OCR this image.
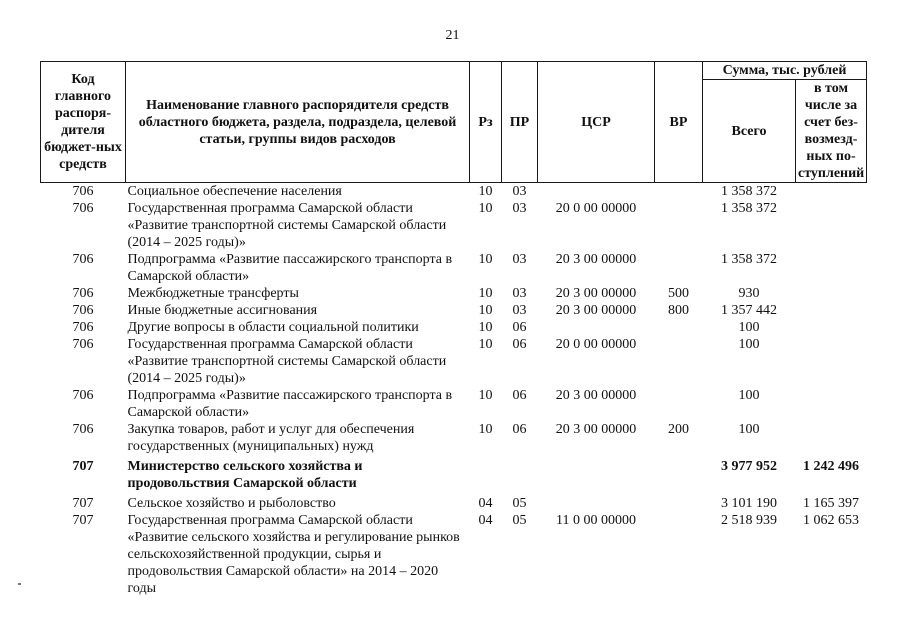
21
Код главного распоря-дителя бюджет-ных средств	Наименование главного распорядителя средств областного бюджета, раздела, подраздела, целевой статьи, группы видов расходов	Рз	ПР	ЦСР	ВР	Сумма, тыс. рублей	
						Всего	в том числе за счет без-возмезд-ных по-ступлений
706	Социальное обеспечение населения	10	03			1 358 372	
706	Государственная программа Самарской области «Развитие транспортной системы Самарской области (2014 – 2025 годы)»	10	03	20 0 00 00000		1 358 372	
706	Подпрограмма «Развитие пассажирского транспорта в Самарской области»	10	03	20 3 00 00000		1 358 372	
706	Межбюджетные трансферты	10	03	20 3 00 00000	500	930	
706	Иные бюджетные ассигнования	10	03	20 3 00 00000	800	1 357 442	
706	Другие вопросы в области социальной политики	10	06			100	
706	Государственная программа Самарской области «Развитие транспортной системы Самарской области (2014 – 2025 годы)»	10	06	20 0 00 00000		100	
706	Подпрограмма «Развитие пассажирского транспорта в Самарской области»	10	06	20 3 00 00000		100	
706	Закупка товаров, работ и услуг для обеспечения государственных (муниципальных) нужд	10	06	20 3 00 00000	200	100	
707	Министерство сельского хозяйства и продовольствия Самарской области					3 977 952	1 242 496
707	Сельское хозяйство и рыболовство	04	05			3 101 190	1 165 397
707	Государственная программа Самарской области «Развитие сельского хозяйства и регулирование рынков сельскохозяйственной продукции, сырья и продовольствия Самарской области» на 2014 – 2020 годы	04	05	11 0 00 00000		2 518 939	1 062 653
